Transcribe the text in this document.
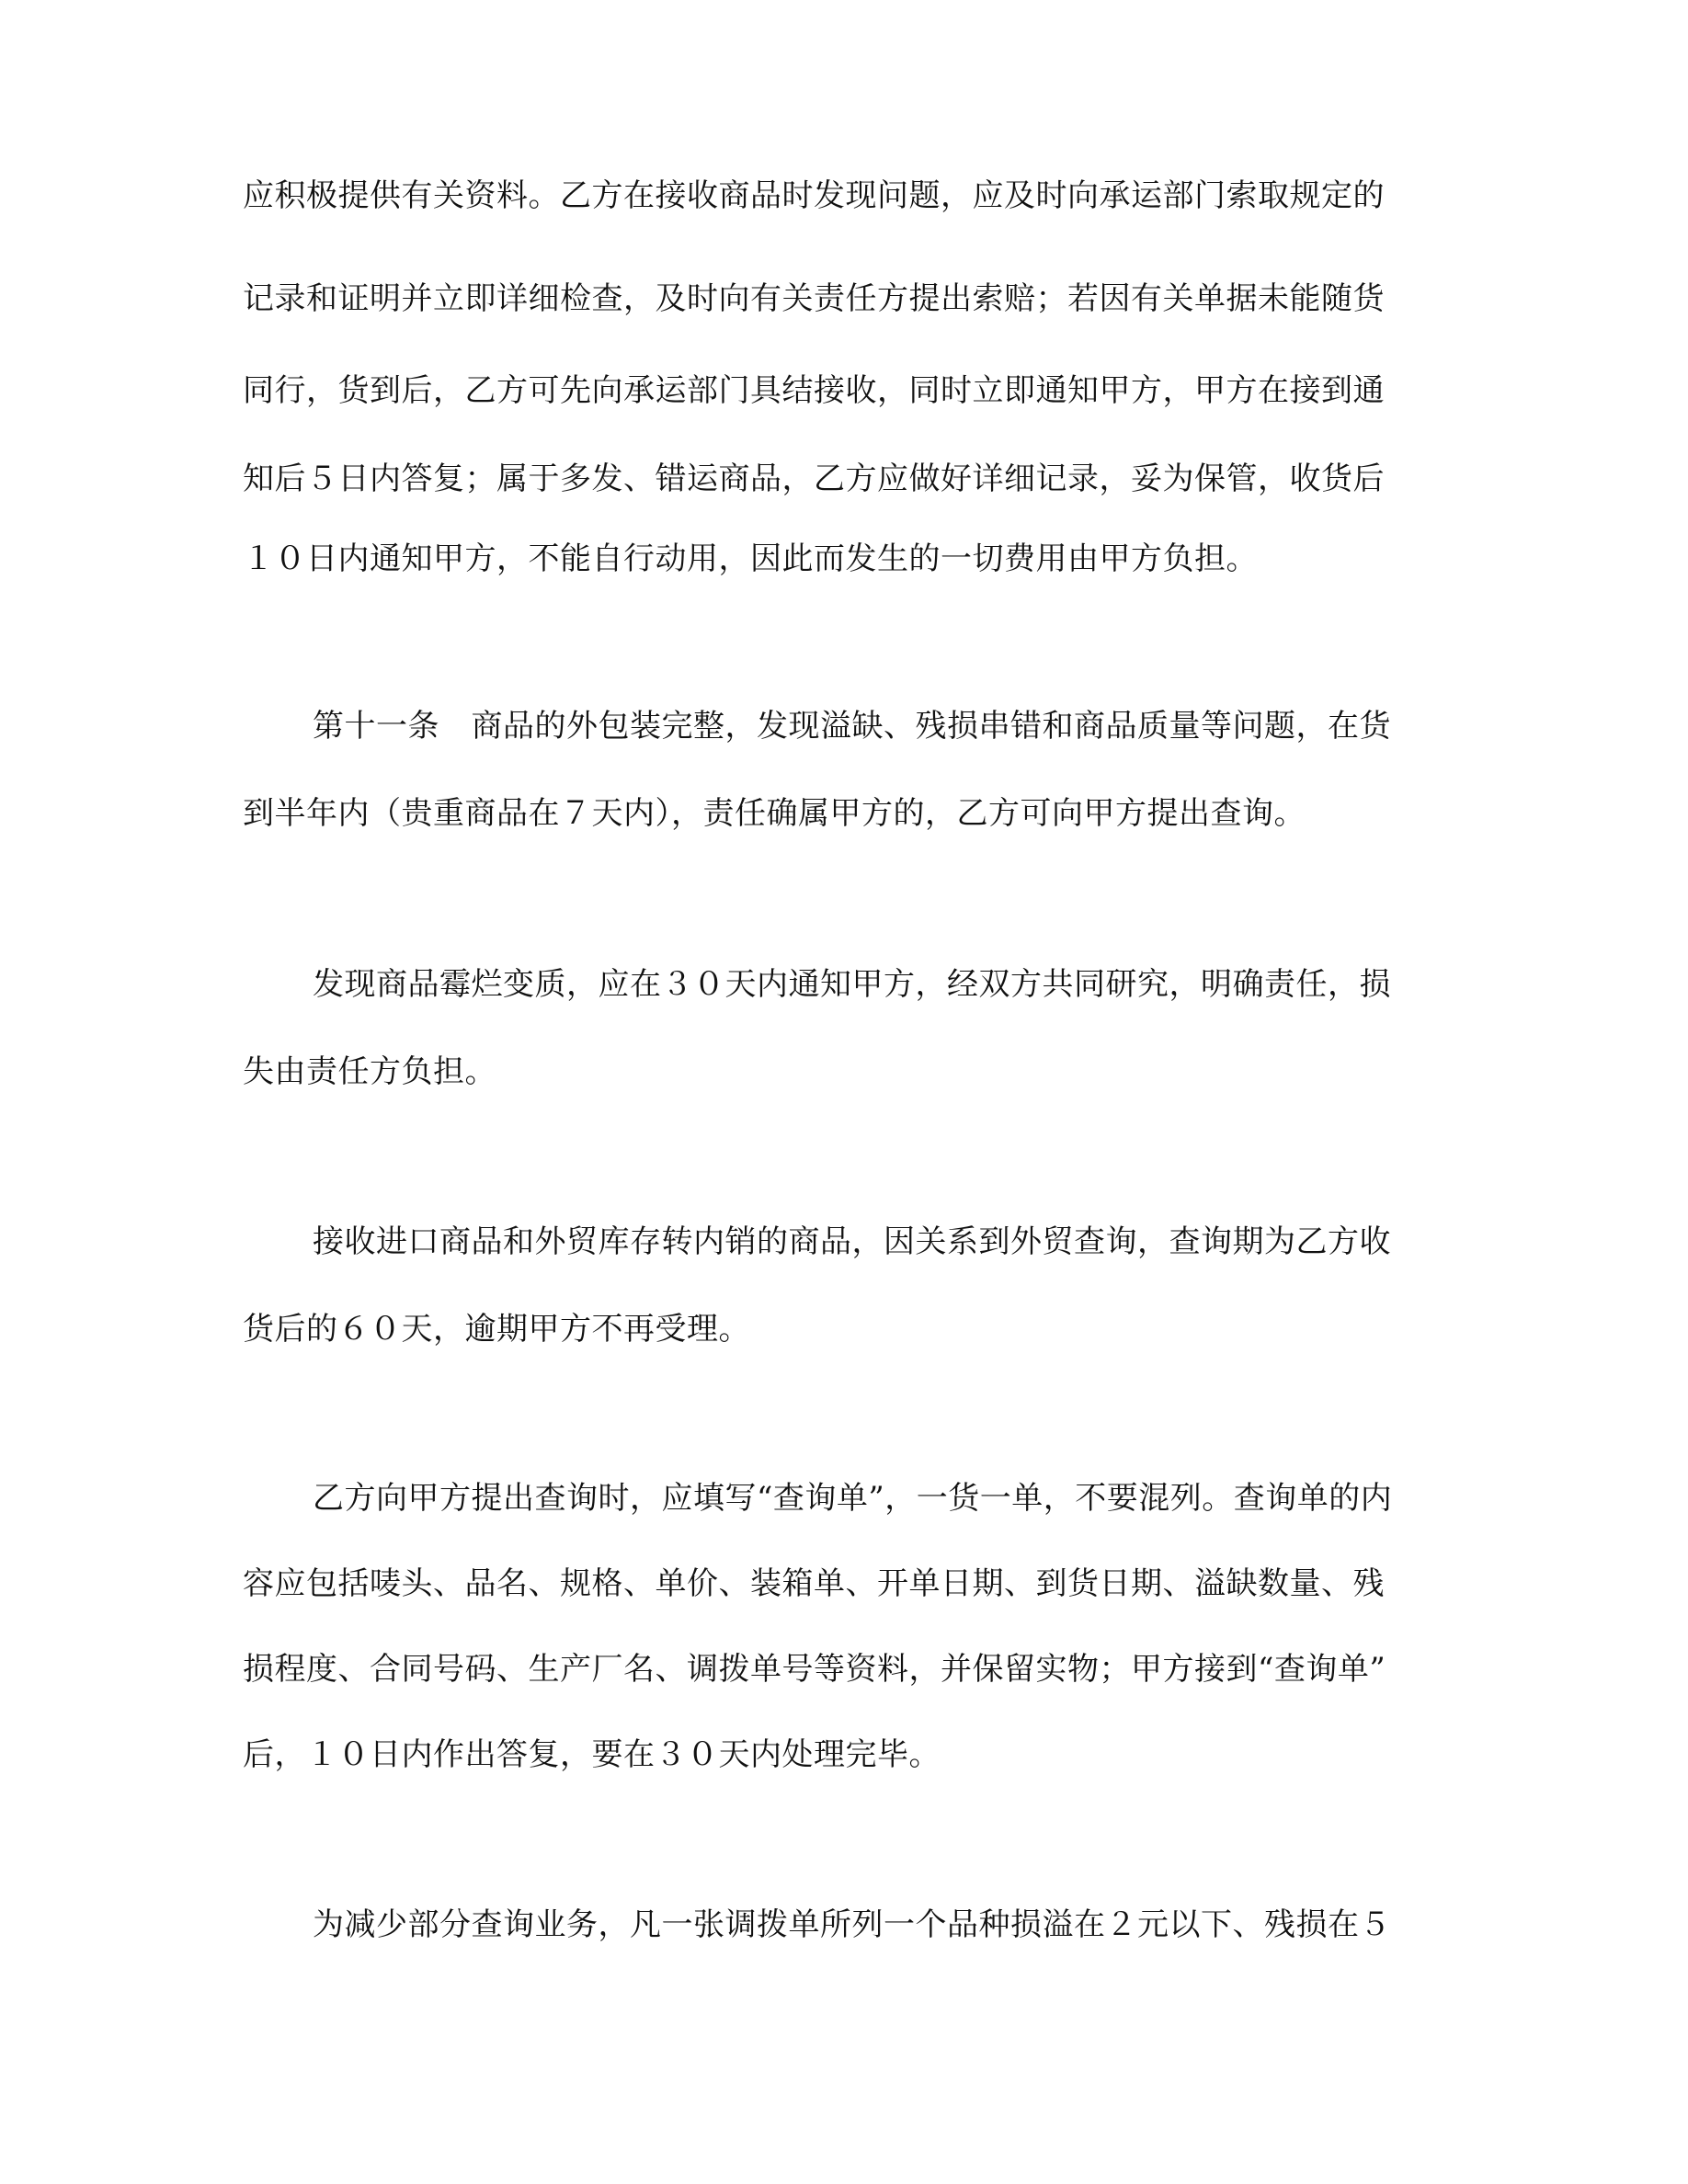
应积极提供有关资料。乙方在接收商品时发现问题，应及时向承运部门索取规定的
记录和证明并立即详细检查，及时向有关责任方提出索赔；若因有关单据未能随货
同行，货到后，乙方可先向承运部门具结接收，同时立即通知甲方，甲方在接到通
知后５日内答复；属于多发、错运商品，乙方应做好详细记录，妥为保管，收货后
１０日内通知甲方，不能自行动用，因此而发生的一切费用由甲方负担。
第十一条　商品的外包装完整，发现溢缺、残损串错和商品质量等问题，在货
到半年内（贵重商品在７天内），责任确属甲方的，乙方可向甲方提出查询。
发现商品霉烂变质，应在３０天内通知甲方，经双方共同研究，明确责任，损
失由责任方负担。
接收进口商品和外贸库存转内销的商品，因关系到外贸查询，查询期为乙方收
货后的６０天，逾期甲方不再受理。
乙方向甲方提出查询时，应填写“查询单”，一货一单，不要混列。查询单的内
容应包括唛头、品名、规格、单价、装箱单、开单日期、到货日期、溢缺数量、残
损程度、合同号码、生产厂名、调拨单号等资料，并保留实物；甲方接到“查询单”
后，１０日内作出答复，要在３０天内处理完毕。
为减少部分查询业务，凡一张调拨单所列一个品种损溢在２元以下、残损在５
